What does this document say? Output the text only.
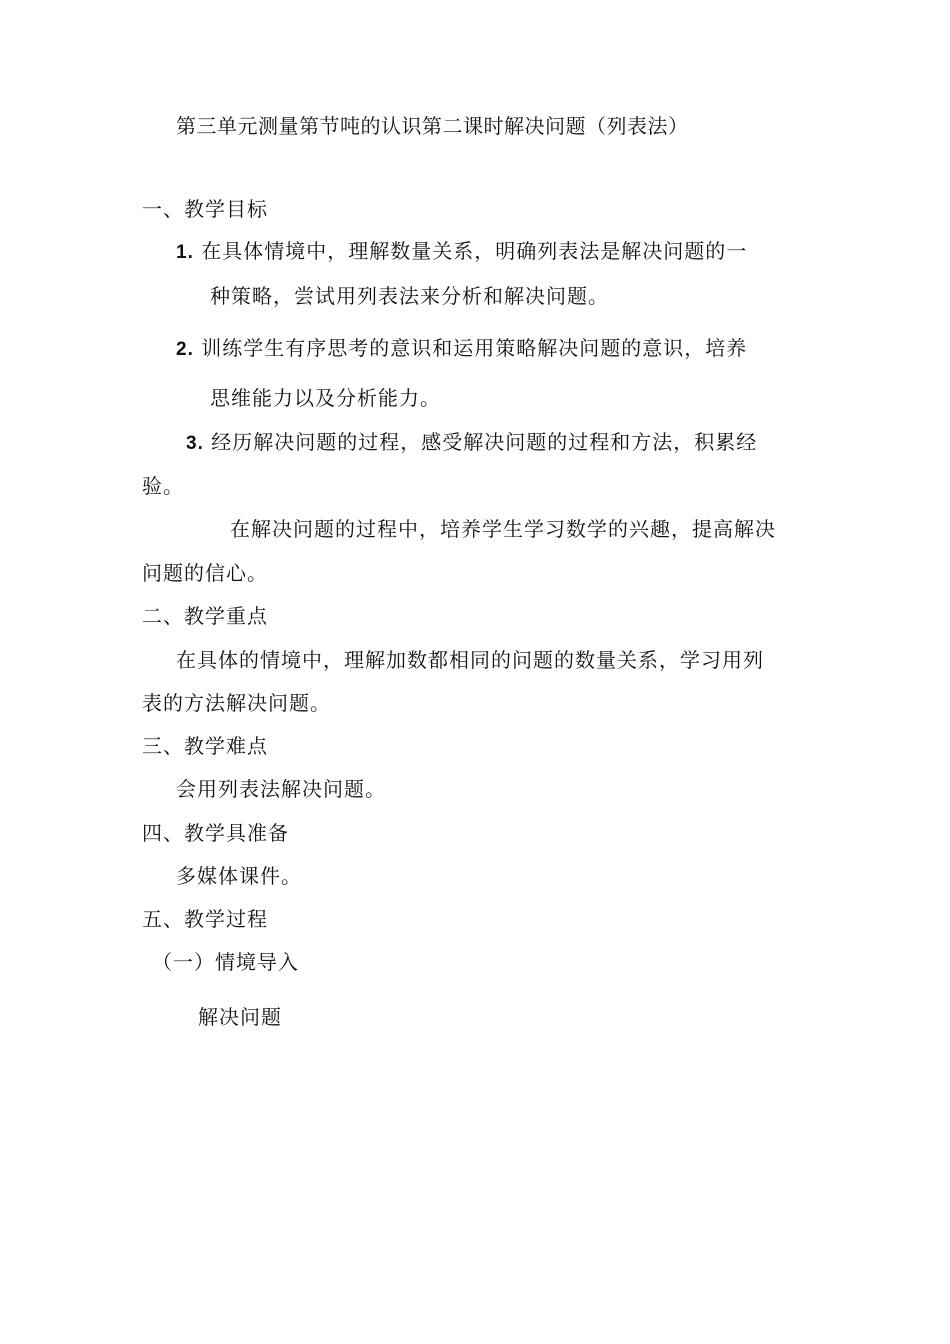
第三单元测量第节吨的认识第二课时解决问题（列表法）
一、教学目标
1. 在具体情境中，理解数量关系，明确列表法是解决问题的一
种策略，尝试用列表法来分析和解决问题。
2. 训练学生有序思考的意识和运用策略解决问题的意识，培养
思维能力以及分析能力。
3. 经历解决问题的过程，感受解决问题的过程和方法，积累经
验。
在解决问题的过程中，培养学生学习数学的兴趣，提高解决
问题的信心。
二、教学重点
在具体的情境中，理解加数都相同的问题的数量关系，学习用列
表的方法解决问题。
三、教学难点
会用列表法解决问题。
四、教学具准备
多媒体课件。
五、教学过程
（一）情境导入
解决问题
